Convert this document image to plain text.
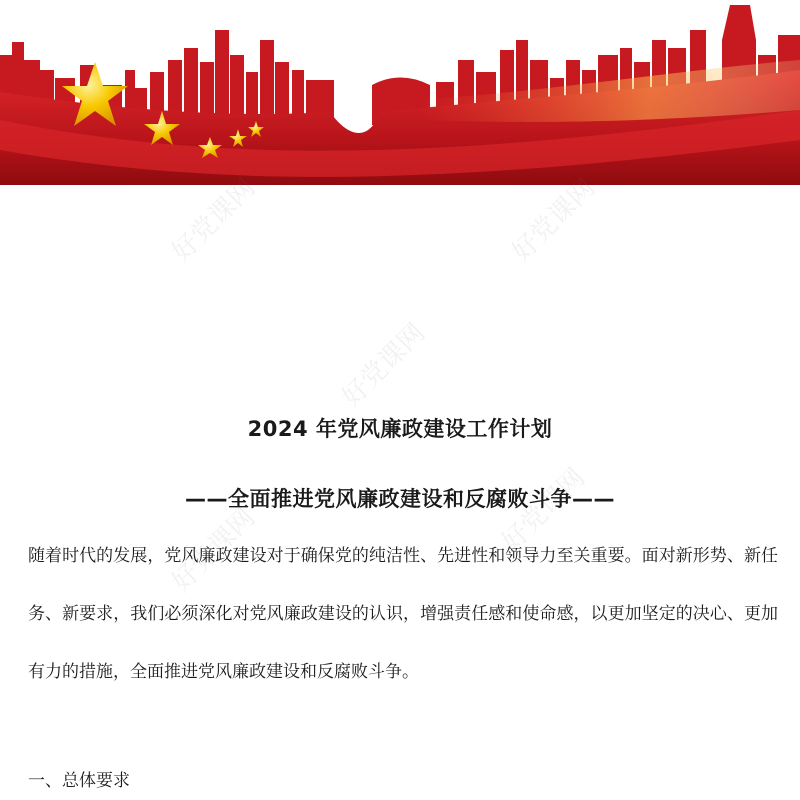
好党课网	好党课网
好党课网
好党课网
好党课网
2024 年党风廉政建设工作计划
——全面推进党风廉政建设和反腐败斗争——
随着时代的发展，党风廉政建设对于确保党的纯洁性、先进性和领导力至关重要。面对新形势、新任务、新要求，我们必须深化对党风廉政建设的认识，增强责任感和使命感，以更加坚定的决心、更加有力的措施，全面推进党风廉政建设和反腐败斗争。
一、总体要求
